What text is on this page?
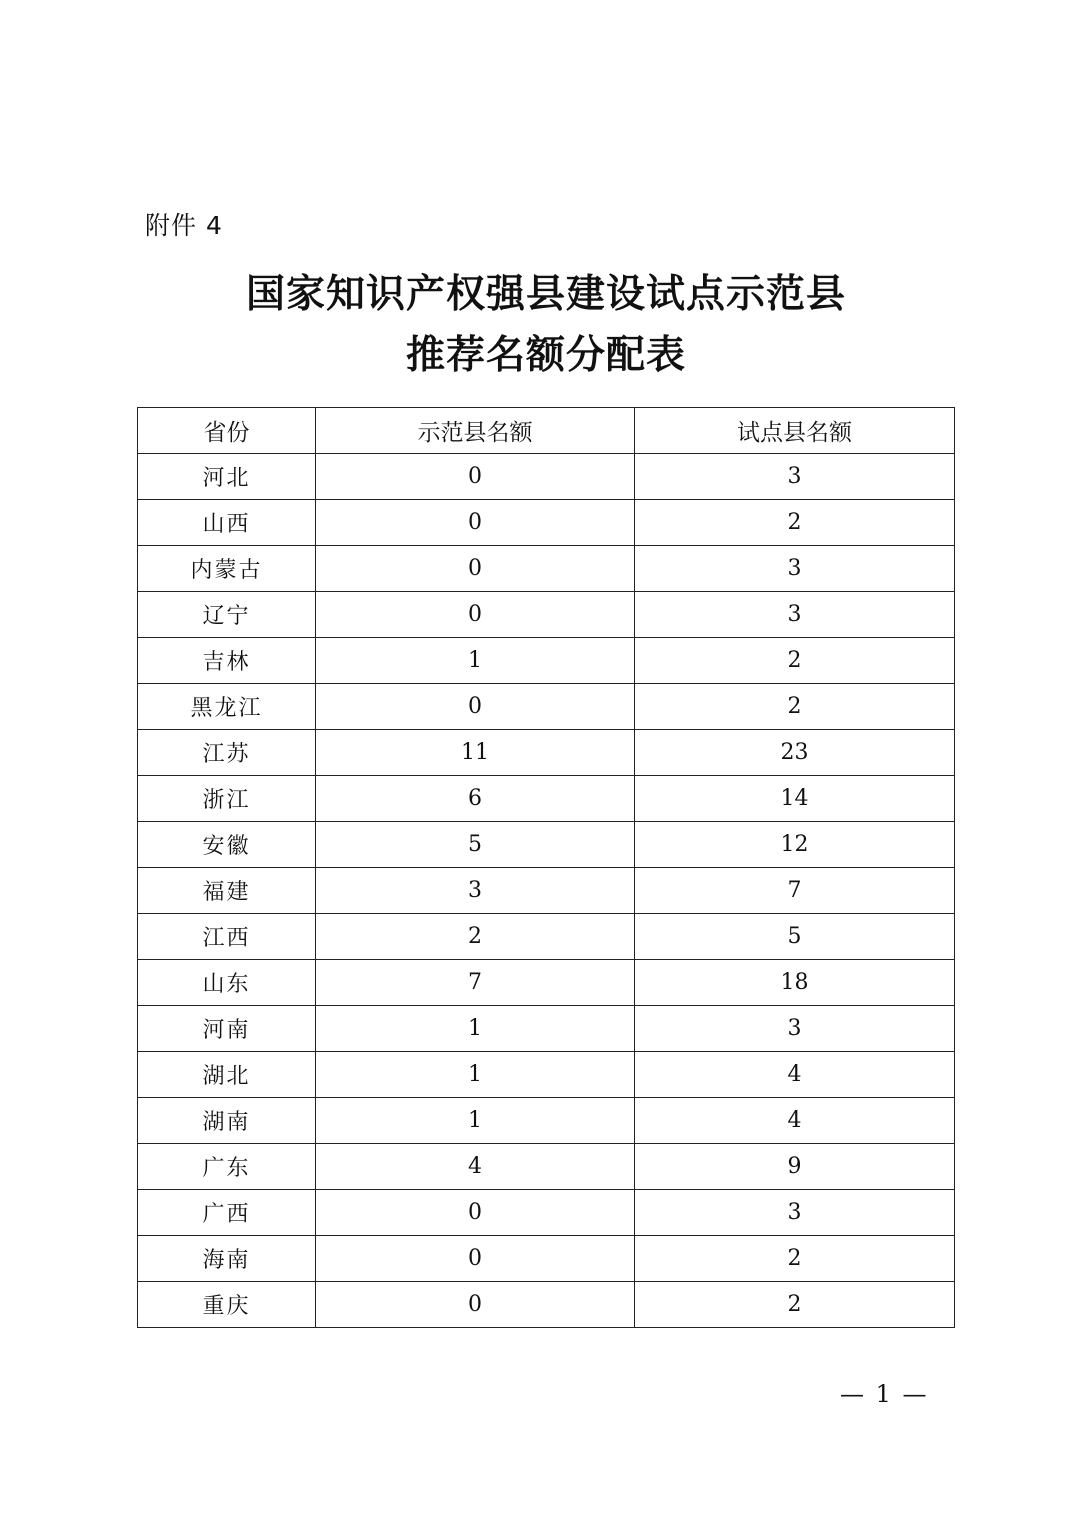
附件 4
国家知识产权强县建设试点示范县
推荐名额分配表
省份	示范县名额	试点县名额
河北	0	3
山西	0	2
内蒙古	0	3
辽宁	0	3
吉林	1	2
黑龙江	0	2
江苏	11	23
浙江	6	14
安徽	5	12
福建	3	7
江西	2	5
山东	7	18
河南	1	3
湖北	1	4
湖南	1	4
广东	4	9
广西	0	3
海南	0	2
重庆	0	2
— 1 —
